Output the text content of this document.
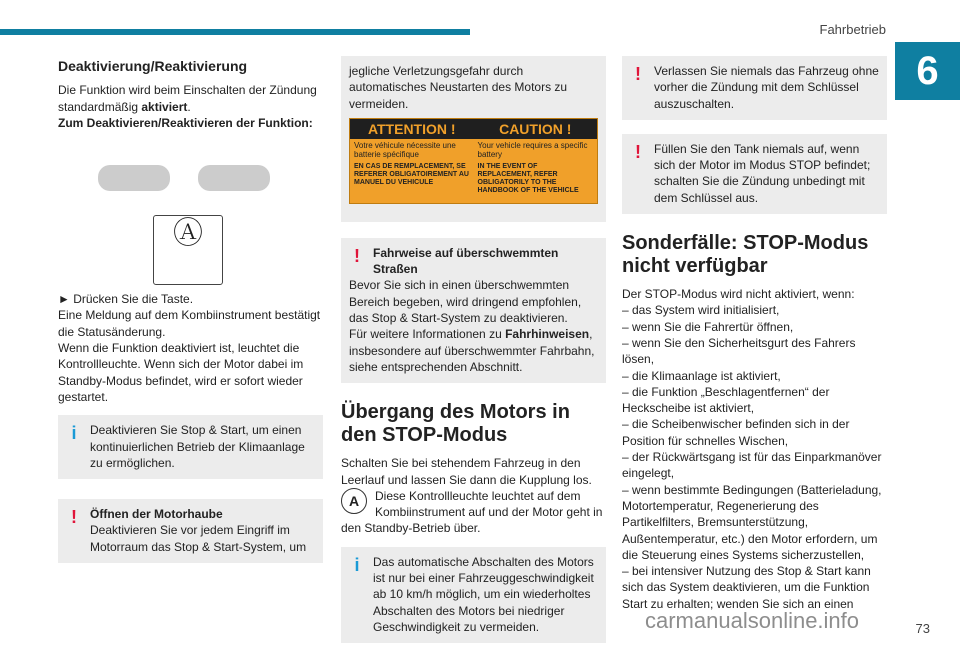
Fahrbetrieb
6
Deaktivierung/Reaktivierung

Die Funktion wird beim Einschalten der Zündung standardmäßig aktiviert.

Zum Deaktivieren/Reaktivieren der Funktion:

Ⓐ

► Drücken Sie die Taste.

Eine Meldung auf dem Kombiinstrument bestätigt die Statusänderung.

Wenn die Funktion deaktiviert ist, leuchtet die Kontrollleuchte. Wenn sich der Motor dabei im Standby-Modus befindet, wird er sofort wieder gestartet.

i	Deaktivieren Sie Stop & Start, um einen kontinuierlichen Betrieb der Klimaanlage zu ermöglichen.
!	Öffnen der Motorhaube
Deaktivieren Sie vor jedem Eingriff im Motorraum das Stop & Start-System, um
jegliche Verletzungsgefahr durch automatisches Neustarten des Motors zu vermeiden.
ATTENTION !
Votre véhicule nécessite une batterie spécifique
EN CAS DE REMPLACEMENT, SE REFERER OBLIGATOIREMENT AU MANUEL DU VEHICULE
CAUTION !
Your vehicle requires a specific battery
IN THE EVENT OF REPLACEMENT, REFER OBLIGATORILY TO THE HANDBOOK OF THE VEHICLE
!	Fahrweise auf überschwemmten Straßen
Bevor Sie sich in einen überschwemmten Bereich begeben, wird dringend empfohlen, das Stop & Start-System zu deaktivieren.
Für weitere Informationen zu Fahrhinweisen, insbesondere auf überschwemmter Fahrbahn, siehe entsprechenden Abschnitt.
Übergang des Motors in den STOP-Modus

Schalten Sie bei stehendem Fahrzeug in den Leerlauf und lassen Sie dann die Kupplung los.

A	Diese Kontrollleuchte leuchtet auf dem Kombiinstrument auf und der Motor geht in den Standby-Betrieb über.
i	Das automatische Abschalten des Motors ist nur bei einer Fahrzeuggeschwindigkeit ab 10 km/h möglich, um ein wiederholtes Abschalten des Motors bei niedriger Geschwindigkeit zu vermeiden.
!	Verlassen Sie niemals das Fahrzeug ohne vorher die Zündung mit dem Schlüssel auszuschalten.
!	Füllen Sie den Tank niemals auf, wenn sich der Motor im Modus STOP befindet; schalten Sie die Zündung unbedingt mit dem Schlüssel aus.
Sonderfälle: STOP-Modus nicht verfügbar

Der STOP-Modus wird nicht aktiviert, wenn:

– das System wird initialisiert,
– wenn Sie die Fahrertür öffnen,
– wenn Sie den Sicherheitsgurt des Fahrers lösen,
– die Klimaanlage ist aktiviert,
– die Funktion „Beschlagentfernen“ der Heckscheibe ist aktiviert,
– die Scheibenwischer befinden sich in der Position für schnelles Wischen,
– der Rückwärtsgang ist für das Einparkmanöver eingelegt,
– wenn bestimmte Bedingungen (Batterieladung, Motortemperatur, Regenerierung des Partikelfilters, Bremsunterstützung, Außentemperatur, etc.) den Motor erfordern, um die Steuerung eines Systems sicherzustellen,
– bei intensiver Nutzung des Stop & Start kann sich das System deaktivieren, um die Funktion Start zu erhalten; wenden Sie sich an einen
carmanualsonline.info	73
